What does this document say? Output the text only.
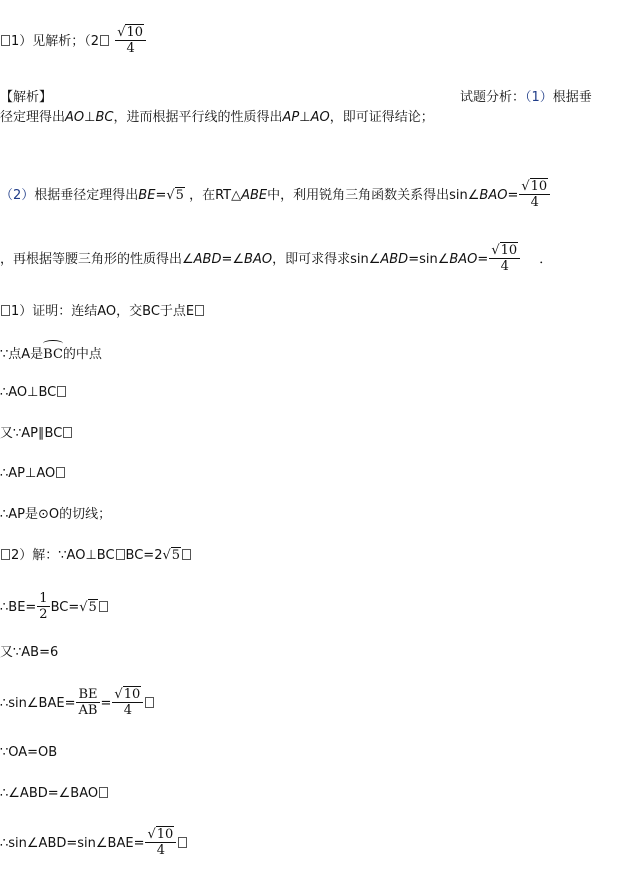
1）见解析；（$2 \frac{√10}{4}$
【解析】	试题分析：（1）根据垂
径定理得出AO⊥BC，进而根据平行线的性质得出AP⊥AO，即可证得结论；
（2）根据垂径定理得出BE=√5 ，在RT△ABE中，利用锐角三角函数关系得出sin∠BAO= $\frac{√10}{4}$
，再根据等腰三角形的性质得出∠ABD=∠BAO，即可求得求sin∠ABD=sin∠BAO= $\frac{√10}{4}$ ．
1）证明：连结AO，交BC于点E
∵点A是BC的中点
∴AO⊥BC
又∵AP∥BC
∴AP⊥AO
∴AP是⊙O的切线；
2）解：∵AO⊥BC BC=2√5
∴BE= $\frac{1}{2} BC=√5$
又∵AB=6
∴sin∠BAE= $\frac{BE}{AB} = \frac{√10}{4}$
∵OA=OB
∴∠ABD=∠BAO
∴sin∠ABD=sin∠BAE= $\frac{√10}{4}$
